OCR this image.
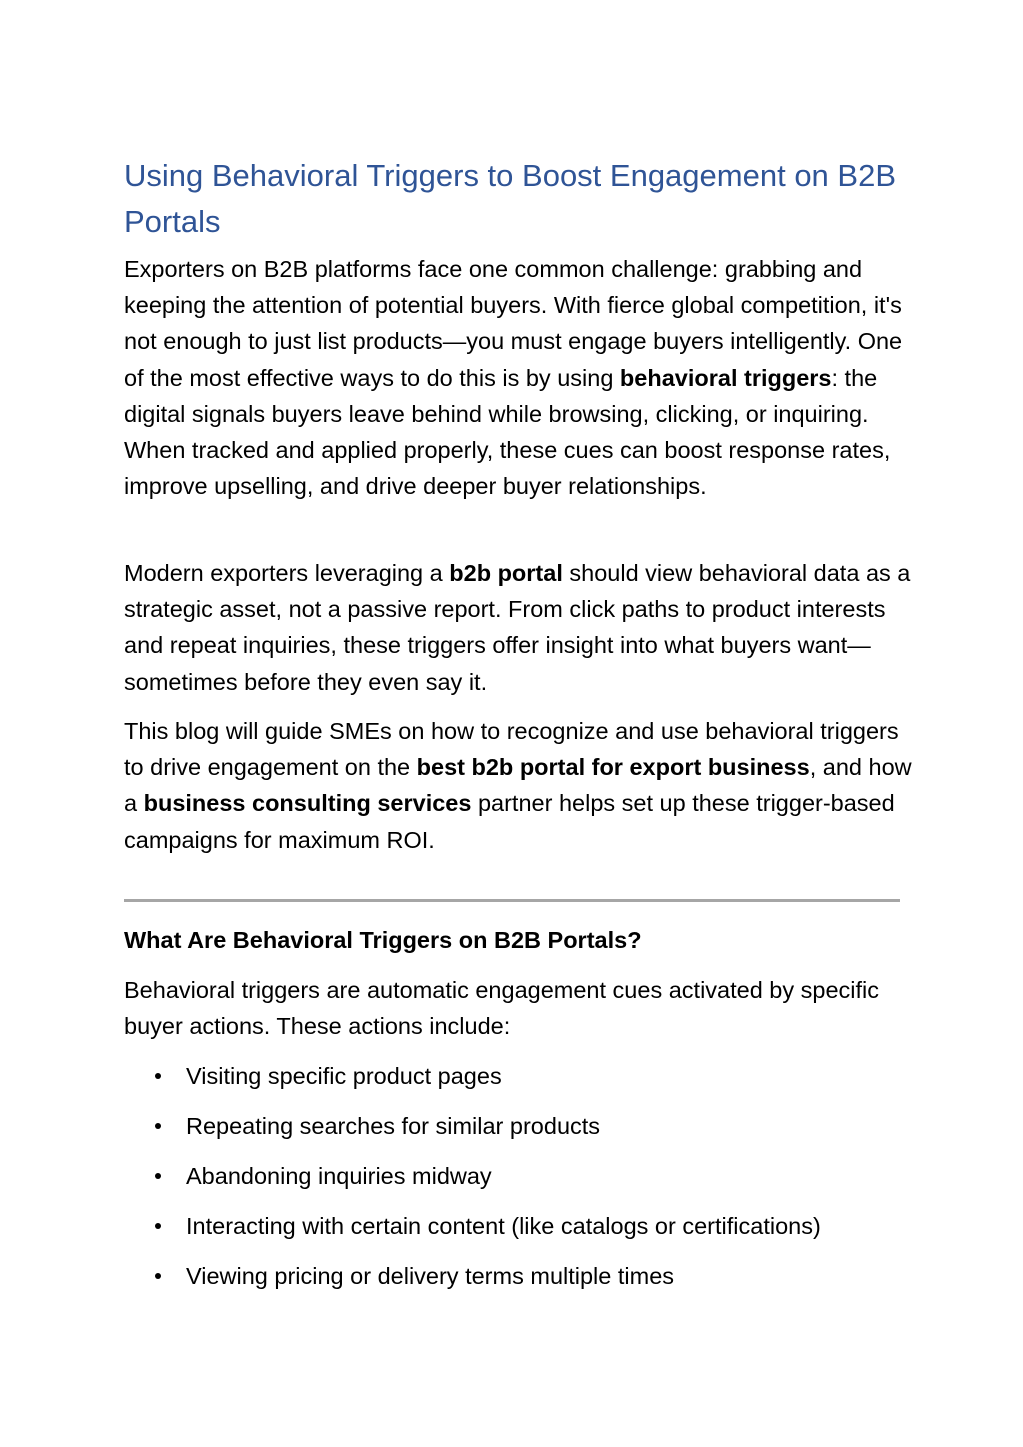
Using Behavioral Triggers to Boost Engagement on B2B Portals

Exporters on B2B platforms face one common challenge: grabbing and keeping the attention of potential buyers. With fierce global competition, it's not enough to just list products—you must engage buyers intelligently. One of the most effective ways to do this is by using behavioral triggers: the digital signals buyers leave behind while browsing, clicking, or inquiring. When tracked and applied properly, these cues can boost response rates, improve upselling, and drive deeper buyer relationships.

Modern exporters leveraging a b2b portal should view behavioral data as a strategic asset, not a passive report. From click paths to product interests and repeat inquiries, these triggers offer insight into what buyers want—sometimes before they even say it.

This blog will guide SMEs on how to recognize and use behavioral triggers to drive engagement on the best b2b portal for export business, and how a business consulting services partner helps set up these trigger-based campaigns for maximum ROI.

What Are Behavioral Triggers on B2B Portals?

Behavioral triggers are automatic engagement cues activated by specific buyer actions. These actions include:

Visiting specific product pages
Repeating searches for similar products
Abandoning inquiries midway
Interacting with certain content (like catalogs or certifications)
Viewing pricing or delivery terms multiple times
